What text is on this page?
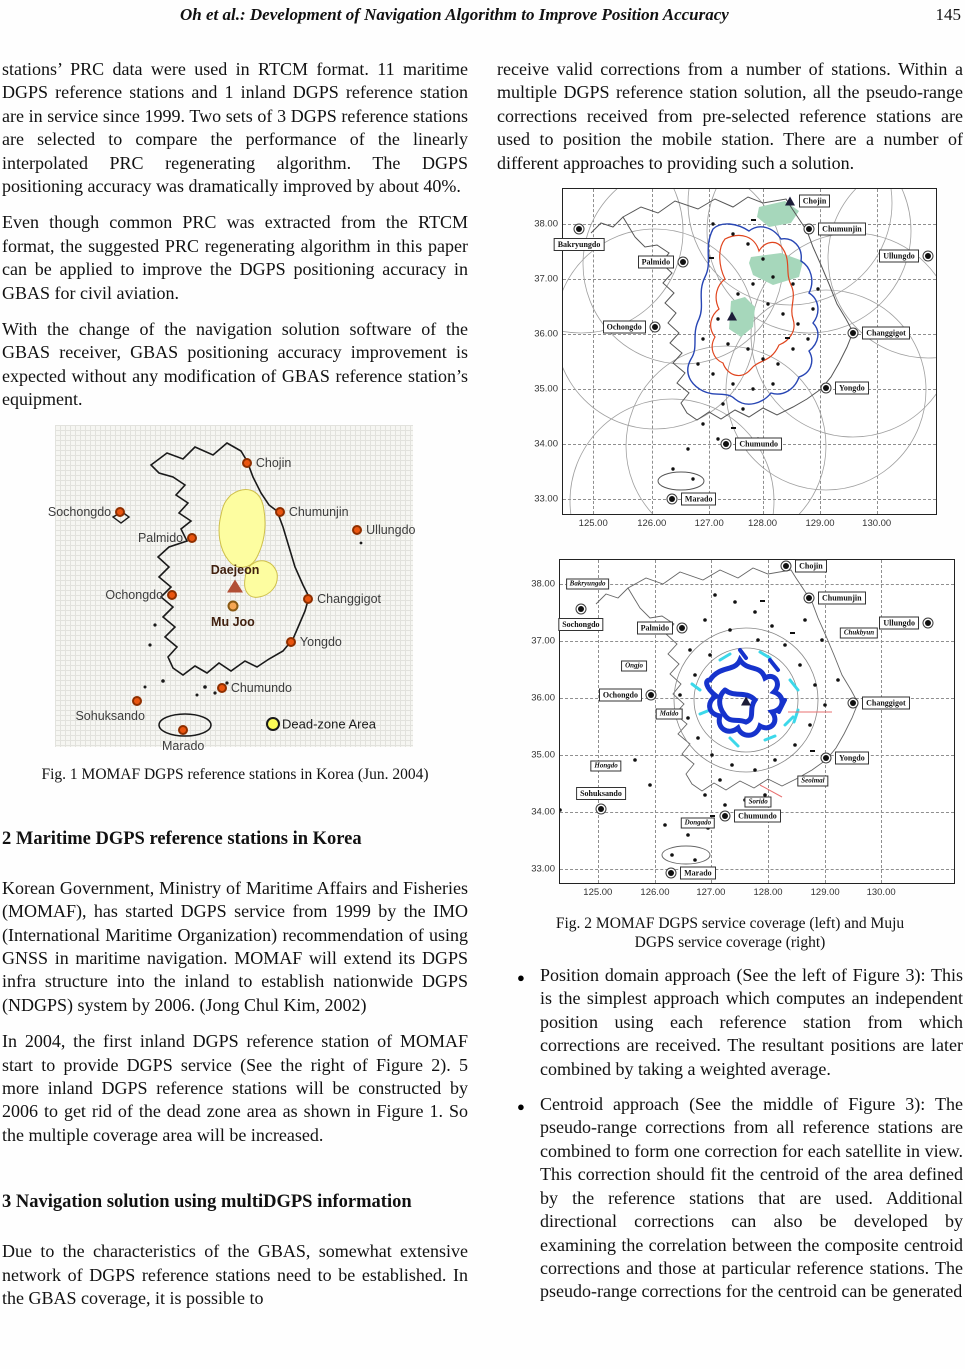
Oh et al.: Development of Navigation Algorithm to Improve Position Accuracy	145

stations’ PRC data were used in RTCM format. 11 maritime DGPS reference stations and 1 inland DGPS reference station are in service since 1999. Two sets of 3 DGPS reference stations are selected to compare the performance of the linearly interpolated PRC regenerating algorithm. The DGPS positioning accuracy was dramatically improved by about 40%.

Even though common PRC was extracted from the RTCM format, the suggested PRC regenerating algorithm in this paper can be applied to improve the DGPS positioning accuracy in GBAS for civil aviation.

With the change of the navigation solution software of the GBAS receiver, GBAS positioning accuracy improvement is expected without any modification of GBAS reference station’s equipment.

Chojin
Sochongdo	Chumunjin
Palmido
Ullungdo
Daejeon
Ochongdo
Mu Joo
Changgigot
Yongdo
Chumundo
Sohuksando
Marado
Dead-zone Area
Fig. 1 MOMAF DGPS reference stations in Korea (Jun. 2004)
2 Maritime DGPS reference stations in Korea

Korean Government, Ministry of Maritime Affairs and Fisheries (MOMAF), has started DGPS service from 1999 by the IMO (International Maritime Organization) recommendation of using GNSS in maritime navigation. MOMAF will extend its DGPS infra structure into the inland to establish nationwide DGPS (NDGPS) system by 2006. (Jong Chul Kim, 2002)

In 2004, the first inland DGPS reference station of MOMAF start to provide DGPS service (See the right of Figure 2). 5 more inland DGPS reference stations will be constructed by 2006 to get rid of the dead zone area as shown in Figure 1. So the multiple coverage area will be increased.

3 Navigation solution using multiDGPS information

Due to the characteristics of the GBAS, somewhat extensive network of DGPS reference stations need to be established. In the GBAS coverage, it is possible to

receive valid corrections from a number of stations. Within a multiple DGPS reference station solution, all the pseudo-range corrections received from pre-selected reference stations are used to position the mobile station. There are a number of different approaches to providing such a solution.

38.00
37.00
36.00
35.00
34.00
33.00
125.00	126.00	127.00	128.00	129.00	130.00
Chojin
Chumunjin
Bakryungdo
Palmido
Ullungdo
Ochongdo
Changgigot
Yongdo
Chumundo
Marado
38.00
37.00
36.00
35.00
34.00
33.00
125.00	126.00	127.00	128.00	129.00	130.00
Chojin
Bakryungdo
Chumunjin
Sochongdo	Palmido
Ullungdo
Chukbyun
Ongjo
Ochongdo
Changgigot
Maldo
Yongdo
Hongdo
Seolmal
Sohuksando
Sorido
Chumundo
Dongado
Marado
Fig. 2 MOMAF DGPS service coverage (left) and Muju DGPS service coverage (right)
● Position domain approach (See the left of Figure 3): This is the simplest approach which computes an independent position using each reference station from which corrections are received. The resultant positions are later combined by taking a weighted average.
● Centroid approach (See the middle of Figure 3): The pseudo-range corrections from all reference stations are combined to form one correction for each satellite in view. This correction should fit the centroid of the area defined by the reference stations that are used. Additional directional corrections can also be developed by examining the correlation between the composite centroid corrections and those at particular reference stations. The pseudo-range corrections for the centroid can be generated
